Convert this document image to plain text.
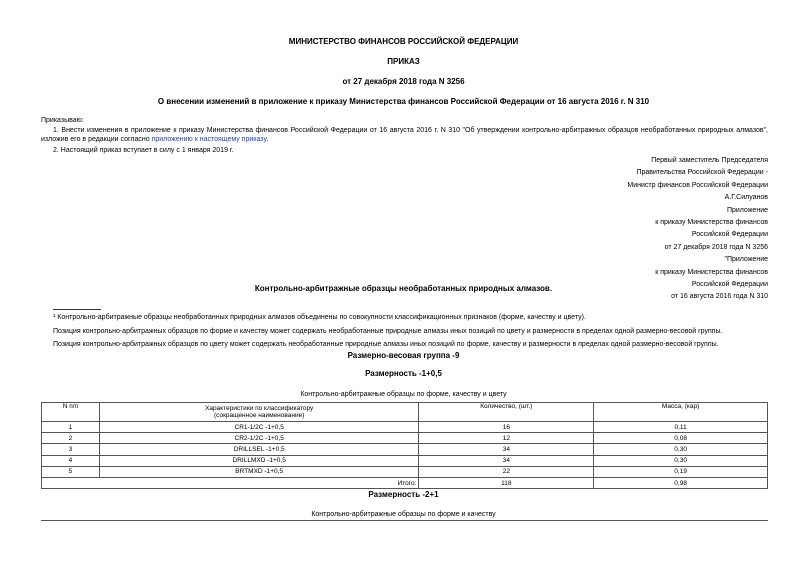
МИНИСТЕРСТВО ФИНАНСОВ РОССИЙСКОЙ ФЕДЕРАЦИИ
ПРИКАЗ
от 27 декабря 2018 года N 3256
О внесении изменений в приложение к приказу Министерства финансов Российской Федерации от 16 августа 2016 г. N 310
Приказываю:
1. Внести изменения в приложение к приказу Министерства финансов Российской Федерации от 16 августа 2016 г. N 310 "Об утверждении контрольно-арбитражных образцов необработанных природных алмазов", изложив его в редакции согласно приложению к настоящему приказу.
2. Настоящий приказ вступает в силу с 1 января 2019 г.
Первый заместитель Председателя
Правительства Российской Федерации -
Министр финансов Российской Федерации
А.Г.Силуанов
Приложение
к приказу Министерства финансов
Российской Федерации
от 27 декабря 2018 года N 3256
"Приложение
к приказу Министерства финансов
Российской Федерации
от 16 августа 2016 года N 310
Контрольно-арбитражные образцы необработанных природных алмазов.
¹ Контрольно-арбитражные образцы необработанных природных алмазов объединены по совокупности классификационных признаков (форме, качеству и цвету).
Позиция контрольно-арбитражных образцов по форме и качеству может содержать необработанные природные алмазы иных позиций по цвету и размерности в пределах одной размерно-весовой группы.
Позиция контрольно-арбитражных образцов по цвету может содержать необработанные природные алмазы иных позиций по форме, качеству и размерности в пределах одной размерно-весовой группы.
Размерно-весовая группа -9
Размерность -1+0,5
Контрольно-арбитражные образцы по форме, качеству и цвету
N п/п	Характеристики по классификатору
(сокращенное наименование)	Количество, (шт.)	Масса, (кар)
1	CR1-1/2C -1+0,5	16	0,11
2	CR2-1/2C -1+0,5	12	0,08
3	DRILLSEL -1+0,5	34	0,30
4	DRILLMXD -1+0,5	34	0,30
5	BRTMXD -1+0,5	22	0,19
Итого:		118	0,98
Размерность -2+1
Контрольно-арбитражные образцы по форме и качеству
